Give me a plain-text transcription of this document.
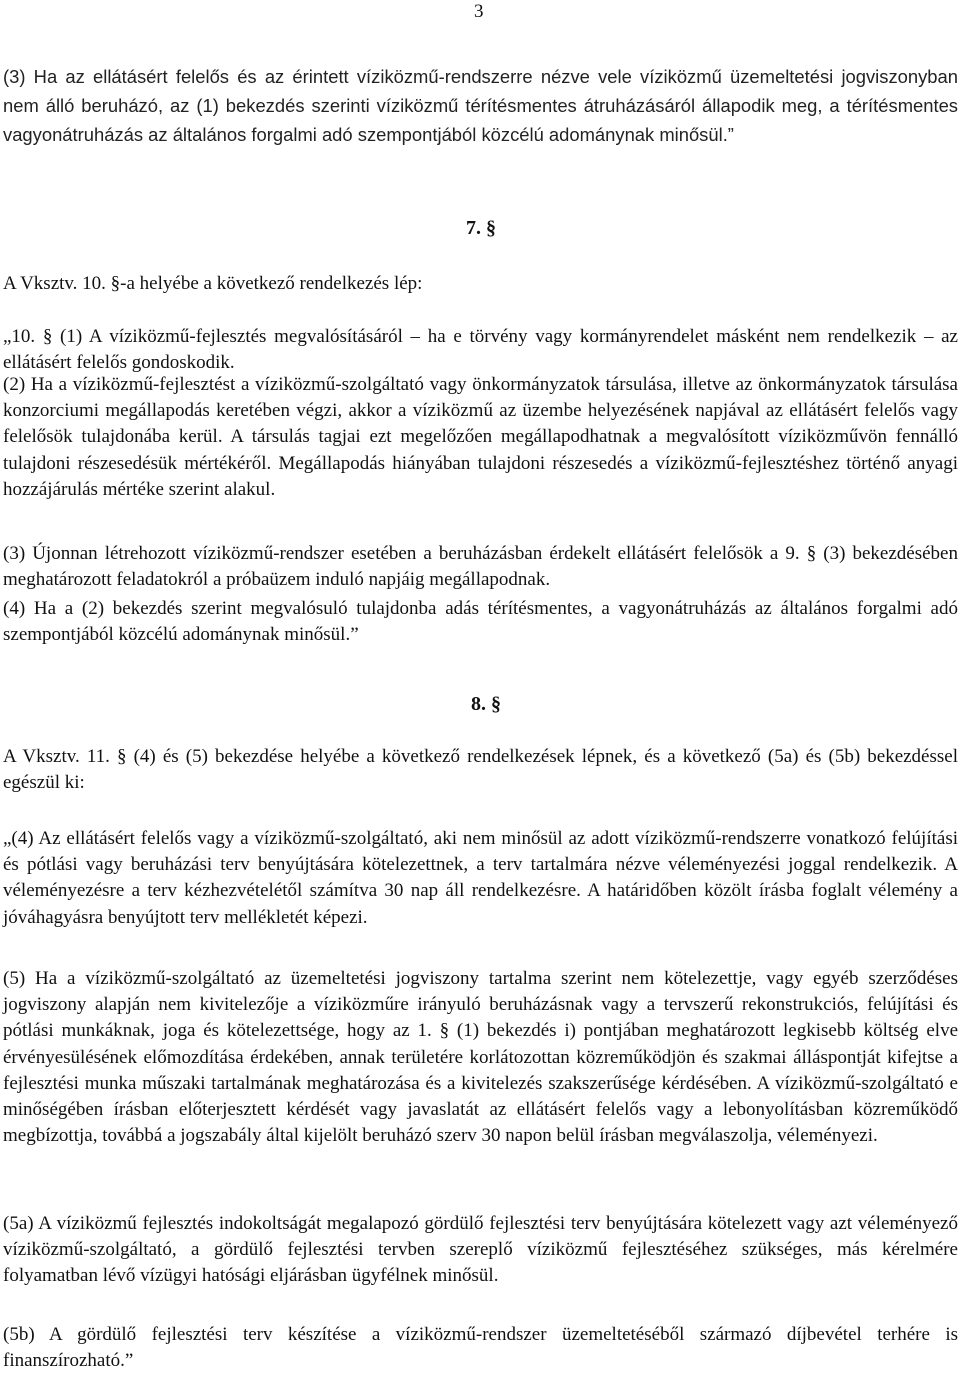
3

(3) Ha az ellátásért felelős és az érintett víziközmű-rendszerre nézve vele víziközmű üzemeltetési jogviszonyban nem álló beruházó, az (1) bekezdés szerinti víziközmű térítésmentes átruházásáról állapodik meg, a térítésmentes vagyonátruházás az általános forgalmi adó szempontjából közcélú adománynak minősül.”

7. §

A Vksztv. 10. §-a helyébe a következő rendelkezés lép:

„10. § (1) A víziközmű-fejlesztés megvalósításáról – ha e törvény vagy kormányrendelet másként nem rendelkezik – az ellátásért felelős gondoskodik.

(2) Ha a víziközmű-fejlesztést a víziközmű-szolgáltató vagy önkormányzatok társulása, illetve az önkormányzatok társulása konzorciumi megállapodás keretében végzi, akkor a víziközmű az üzembe helyezésének napjával az ellátásért felelős vagy felelősök tulajdonába kerül. A társulás tagjai ezt megelőzően megállapodhatnak a megvalósított víziközművön fennálló tulajdoni részesedésük mértékéről. Megállapodás hiányában tulajdoni részesedés a víziközmű-fejlesztéshez történő anyagi hozzájárulás mértéke szerint alakul.

(3) Újonnan létrehozott víziközmű-rendszer esetében a beruházásban érdekelt ellátásért felelősök a 9. § (3) bekezdésében meghatározott feladatokról a próbaüzem induló napjáig megállapodnak.

(4) Ha a (2) bekezdés szerint megvalósuló tulajdonba adás térítésmentes, a vagyonátruházás az általános forgalmi adó szempontjából közcélú adománynak minősül.”

8. §

A Vksztv. 11. § (4) és (5) bekezdése helyébe a következő rendelkezések lépnek, és a következő (5a) és (5b) bekezdéssel egészül ki:

„(4) Az ellátásért felelős vagy a víziközmű-szolgáltató, aki nem minősül az adott víziközmű-rendszerre vonatkozó felújítási és pótlási vagy beruházási terv benyújtására kötelezettnek, a terv tartalmára nézve véleményezési joggal rendelkezik. A véleményezésre a terv kézhezvételétől számítva 30 nap áll rendelkezésre. A határidőben közölt írásba foglalt vélemény a jóváhagyásra benyújtott terv mellékletét képezi.

(5) Ha a víziközmű-szolgáltató az üzemeltetési jogviszony tartalma szerint nem kötelezettje, vagy egyéb szerződéses jogviszony alapján nem kivitelezője a víziközműre irányuló beruházásnak vagy a tervszerű rekonstrukciós, felújítási és pótlási munkáknak, joga és kötelezettsége, hogy az 1. § (1) bekezdés i) pontjában meghatározott legkisebb költség elve érvényesülésének előmozdítása érdekében, annak területére korlátozottan közreműködjön és szakmai álláspontját kifejtse a fejlesztési munka műszaki tartalmának meghatározása és a kivitelezés szakszerűsége kérdésében. A víziközmű-szolgáltató e minőségében írásban előterjesztett kérdését vagy javaslatát az ellátásért felelős vagy a lebonyolításban közreműködő megbízottja, továbbá a jogszabály által kijelölt beruházó szerv 30 napon belül írásban megválaszolja, véleményezi.

(5a) A víziközmű fejlesztés indokoltságát megalapozó gördülő fejlesztési terv benyújtására kötelezett vagy azt véleményező víziközmű-szolgáltató, a gördülő fejlesztési tervben szereplő víziközmű fejlesztéséhez szükséges, más kérelmére folyamatban lévő vízügyi hatósági eljárásban ügyfélnek minősül.

(5b) A gördülő fejlesztési terv készítése a víziközmű-rendszer üzemeltetéséből származó díjbevétel terhére is finanszírozható.”
